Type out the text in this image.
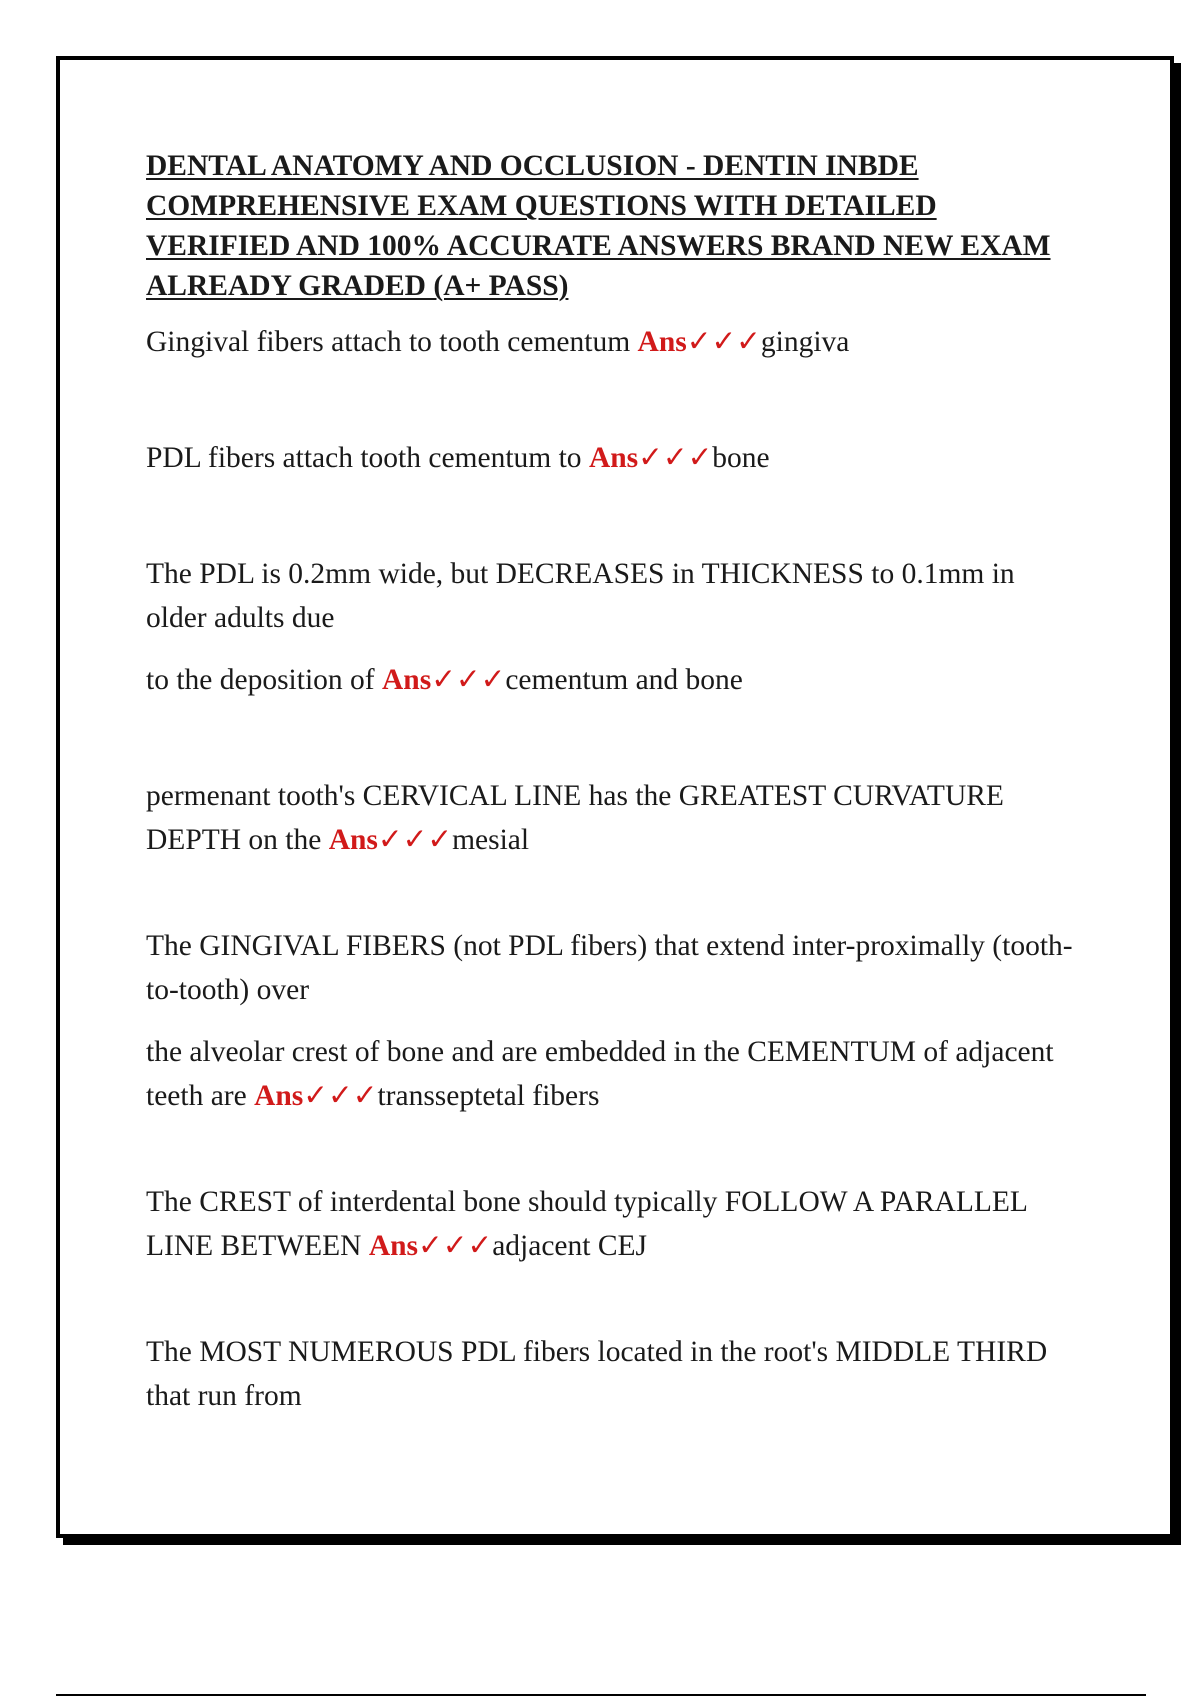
DENTAL ANATOMY AND OCCLUSION - DENTIN INBDE COMPREHENSIVE EXAM QUESTIONS WITH DETAILED VERIFIED AND 100% ACCURATE ANSWERS BRAND NEW EXAM ALREADY GRADED (A+ PASS)

Gingival fibers attach to tooth cementum Ans✓✓✓gingiva

PDL fibers attach tooth cementum to Ans✓✓✓bone

The PDL is 0.2mm wide, but DECREASES in THICKNESS to 0.1mm in older adults due

to the deposition of Ans✓✓✓cementum and bone

permenant tooth's CERVICAL LINE has the GREATEST CURVATURE DEPTH on the Ans✓✓✓mesial

The GINGIVAL FIBERS (not PDL fibers) that extend inter-proximally (tooth-to-tooth) over

the alveolar crest of bone and are embedded in the CEMENTUM of adjacent teeth are Ans✓✓✓transseptetal fibers

The CREST of interdental bone should typically FOLLOW A PARALLEL LINE BETWEEN Ans✓✓✓adjacent CEJ

The MOST NUMEROUS PDL fibers located in the root's MIDDLE THIRD that run from
